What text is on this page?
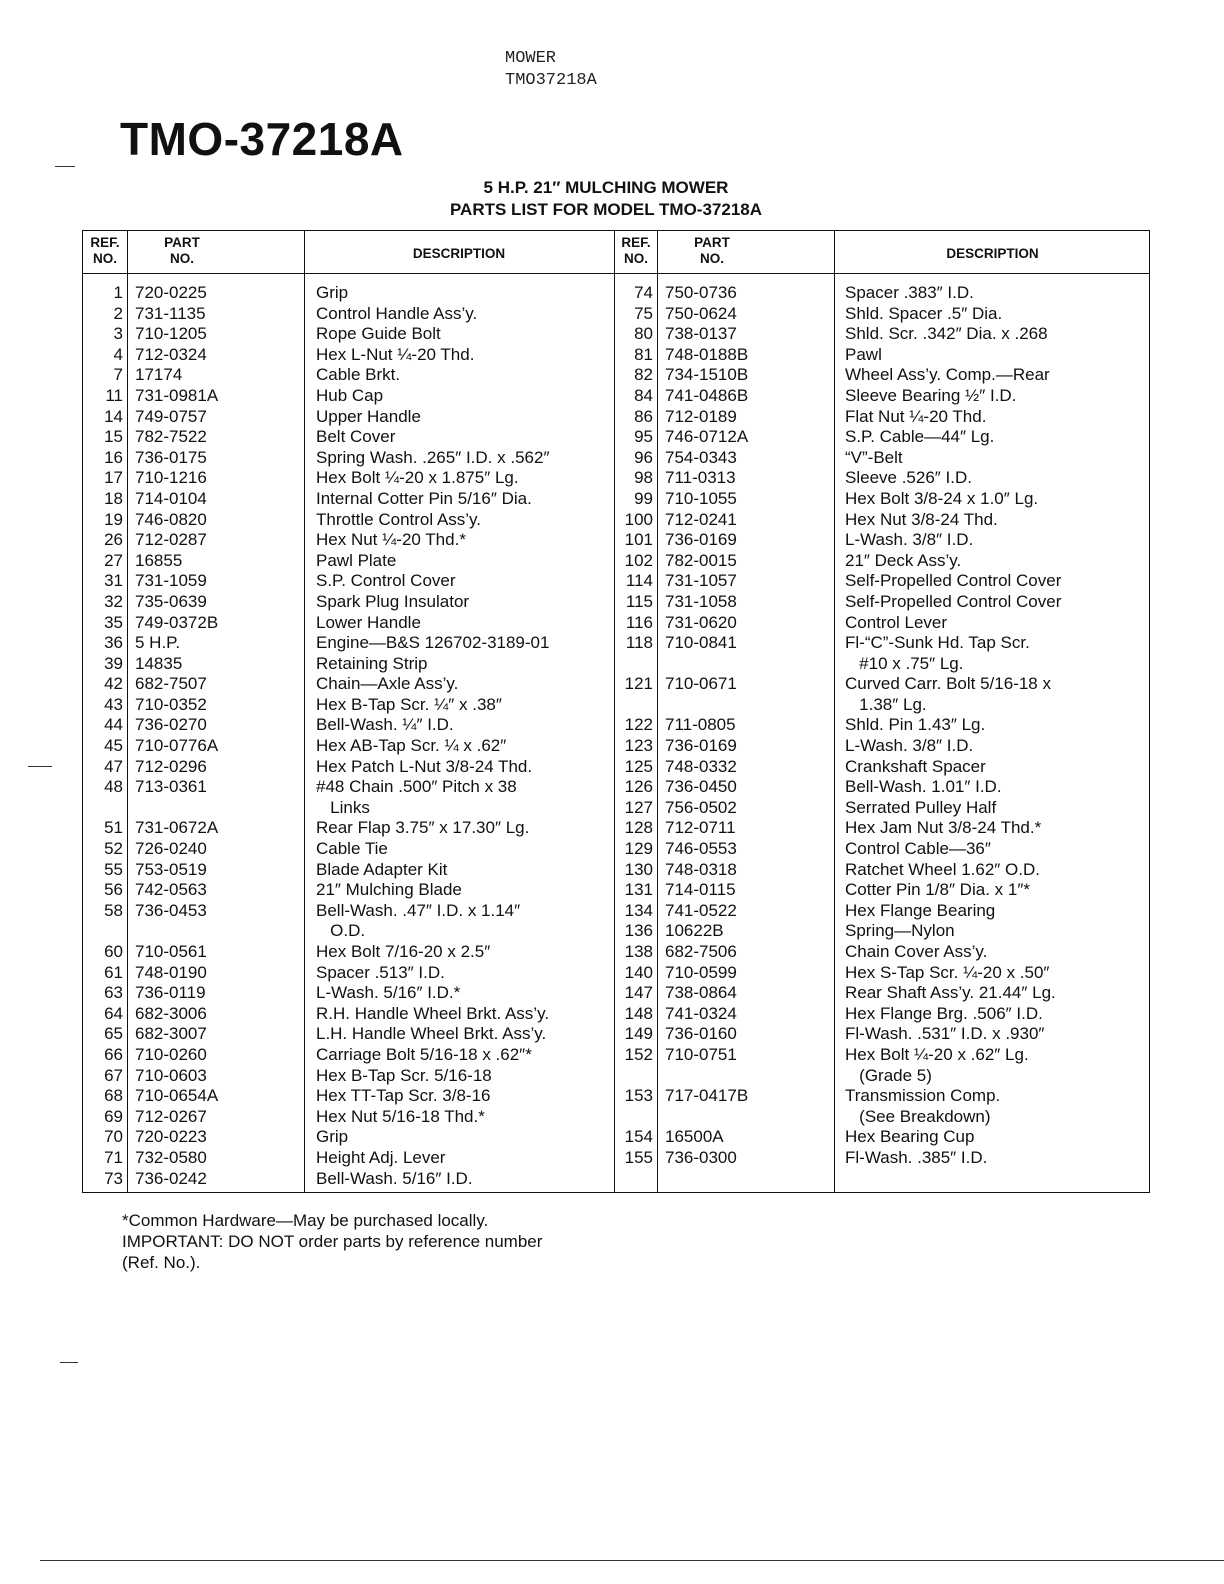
MOWER
TMO37218A
TMO-37218A
5 H.P. 21″ MULCHING MOWER
PARTS LIST FOR MODEL TMO-37218A
REF.
NO.
PART
NO.	DESCRIPTION
REF.
NO.
PART
NO.	DESCRIPTION
1
2
3
4
7
11
14
15
16
17
18
19
26
27
31
32
35
36
39
42
43
44
45
47
48
51
52
55
56
58
60
61
63
64
65
66
67
68
69
70
71
73
720-0225
731-1135
710-1205
712-0324
17174
731-0981A
749-0757
782-7522
736-0175
710-1216
714-0104
746-0820
712-0287
16855
731-1059
735-0639
749-0372B
5 H.P.
14835
682-7507
710-0352
736-0270
710-0776A
712-0296
713-0361
731-0672A
726-0240
753-0519
742-0563
736-0453
710-0561
748-0190
736-0119
682-3006
682-3007
710-0260
710-0603
710-0654A
712-0267
720-0223
732-0580
736-0242
Grip
Control Handle Ass’y.
Rope Guide Bolt
Hex L-Nut ¼-20 Thd.
Cable Brkt.
Hub Cap
Upper Handle
Belt Cover
Spring Wash. .265″ I.D. x .562″
Hex Bolt ¼-20 x 1.875″ Lg.
Internal Cotter Pin 5/16″ Dia.
Throttle Control Ass’y.
Hex Nut ¼-20 Thd.*
Pawl Plate
S.P. Control Cover
Spark Plug Insulator
Lower Handle
Engine—B&S 126702-3189-01
Retaining Strip
Chain—Axle Ass’y.
Hex B-Tap Scr. ¼″ x .38″
Bell-Wash. ¼″ I.D.
Hex AB-Tap Scr. ¼ x .62″
Hex Patch L-Nut 3/8-24 Thd.
#48 Chain .500″ Pitch x 38
Links
Rear Flap 3.75″ x 17.30″ Lg.
Cable Tie
Blade Adapter Kit
21″ Mulching Blade
Bell-Wash. .47″ I.D. x 1.14″
O.D.
Hex Bolt 7/16-20 x 2.5″
Spacer .513″ I.D.
L-Wash. 5/16″ I.D.*
R.H. Handle Wheel Brkt. Ass’y.
L.H. Handle Wheel Brkt. Ass’y.
Carriage Bolt 5/16-18 x .62″*
Hex B-Tap Scr. 5/16-18
Hex TT-Tap Scr. 3/8-16
Hex Nut 5/16-18 Thd.*
Grip
Height Adj. Lever
Bell-Wash. 5/16″ I.D.
74
75
80
81
82
84
86
95
96
98
99
100
101
102
114
115
116
118
121
122
123
125
126
127
128
129
130
131
134
136
138
140
147
148
149
152
153
154
155
750-0736
750-0624
738-0137
748-0188B
734-1510B
741-0486B
712-0189
746-0712A
754-0343
711-0313
710-1055
712-0241
736-0169
782-0015
731-1057
731-1058
731-0620
710-0841
710-0671
711-0805
736-0169
748-0332
736-0450
756-0502
712-0711
746-0553
748-0318
714-0115
741-0522
10622B
682-7506
710-0599
738-0864
741-0324
736-0160
710-0751
717-0417B
16500A
736-0300
Spacer .383″ I.D.
Shld. Spacer .5″ Dia.
Shld. Scr. .342″ Dia. x .268
Pawl
Wheel Ass’y. Comp.—Rear
Sleeve Bearing ½″ I.D.
Flat Nut ¼-20 Thd.
S.P. Cable—44″ Lg.
“V”-Belt
Sleeve .526″ I.D.
Hex Bolt 3/8-24 x 1.0″ Lg.
Hex Nut 3/8-24 Thd.
L-Wash. 3/8″ I.D.
21″ Deck Ass’y.
Self-Propelled Control Cover
Self-Propelled Control Cover
Control Lever
Fl-“C”-Sunk Hd. Tap Scr.
#10 x .75″ Lg.
Curved Carr. Bolt 5/16-18 x
1.38″ Lg.
Shld. Pin 1.43″ Lg.
L-Wash. 3/8″ I.D.
Crankshaft Spacer
Bell-Wash. 1.01″ I.D.
Serrated Pulley Half
Hex Jam Nut 3/8-24 Thd.*
Control Cable—36″
Ratchet Wheel 1.62″ O.D.
Cotter Pin 1/8″ Dia. x 1″*
Hex Flange Bearing
Spring—Nylon
Chain Cover Ass’y.
Hex S-Tap Scr. ¼-20 x .50″
Rear Shaft Ass’y. 21.44″ Lg.
Hex Flange Brg. .506″ I.D.
Fl-Wash. .531″ I.D. x .930″
Hex Bolt ¼-20 x .62″ Lg.
(Grade 5)
Transmission Comp.
(See Breakdown)
Hex Bearing Cup
Fl-Wash. .385″ I.D.
*Common Hardware—May be purchased locally.
IMPORTANT: DO NOT order parts by reference number
(Ref. No.).
